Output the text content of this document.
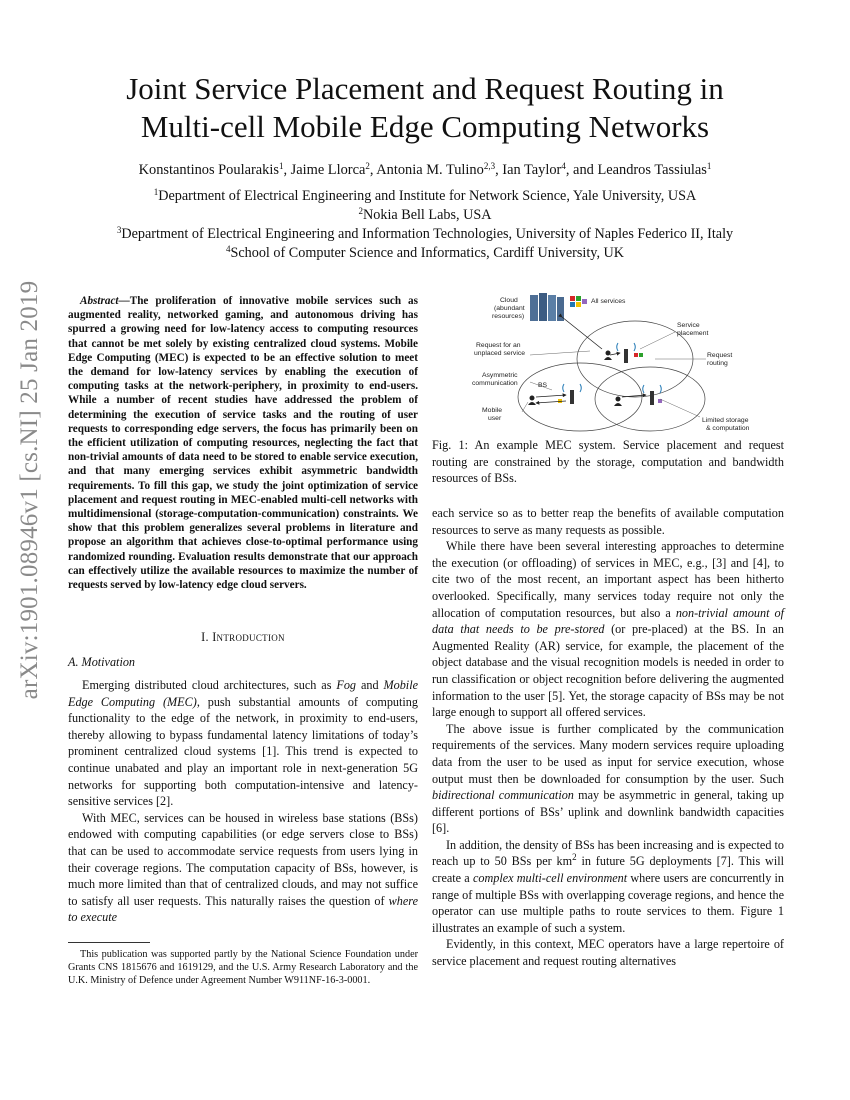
arXiv:1901.08946v1 [cs.NI] 25 Jan 2019
Joint Service Placement and Request Routing in
Multi-cell Mobile Edge Computing Networks
Konstantinos Poularakis$^1$, Jaime Llorca$^2$, Antonia M. Tulino$^{2,3}$, Ian Taylor$^4$, and Leandros Tassiulas$^1$
$^1$Department of Electrical Engineering and Institute for Network Science, Yale University, USA
$^2$Nokia Bell Labs, USA
$^3$Department of Electrical Engineering and Information Technologies, University of Naples Federico II, Italy
$^4$School of Computer Science and Informatics, Cardiff University, UK
Abstract—The proliferation of innovative mobile services such as augmented reality, networked gaming, and autonomous driving has spurred a growing need for low-latency access to computing resources that cannot be met solely by existing centralized cloud systems. Mobile Edge Computing (MEC) is expected to be an effective solution to meet the demand for low-latency services by enabling the execution of computing tasks at the network-periphery, in proximity to end-users. While a number of recent studies have addressed the problem of determining the execution of service tasks and the routing of user requests to corresponding edge servers, the focus has primarily been on the efficient utilization of computing resources, neglecting the fact that non-trivial amounts of data need to be stored to enable service execution, and that many emerging services exhibit asymmetric bandwidth requirements. To fill this gap, we study the joint optimization of service placement and request routing in MEC-enabled multi-cell networks with multidimensional (storage-computation-communication) constraints. We show that this problem generalizes several problems in literature and propose an algorithm that achieves close-to-optimal performance using randomized rounding. Evaluation results demonstrate that our approach can effectively utilize the available resources to maximize the number of requests served by low-latency edge cloud servers.
I. Introduction
A. Motivation

Emerging distributed cloud architectures, such as Fog and Mobile Edge Computing (MEC), push substantial amounts of computing functionality to the edge of the network, in proximity to end-users, thereby allowing to bypass fundamental latency limitations of today’s prominent centralized cloud systems [1]. This trend is expected to continue unabated and play an important role in next-generation 5G networks for supporting both computation-intensive and latency-sensitive services [2].

With MEC, services can be housed in wireless base stations (BSs) endowed with computing capabilities (or edge servers close to BSs) that can be used to accommodate service requests from users lying in their coverage regions. The computation capacity of BSs, however, is much more limited than that of centralized clouds, and may not suffice to satisfy all user requests. This naturally raises the question of where to execute

This publication was supported partly by the National Science Foundation under Grants CNS 1815676 and 1619129, and the U.S. Army Research Laboratory and the U.K. Ministry of Defence under Agreement Number W911NF-16-3-0001.
Cloud
(abundant
resources)
All services
Service
placement
Request for an
unplaced service	Request
routing
Asymmetric
communication	BS
Mobile
user	Limited storage
& computation
Fig. 1: An example MEC system. Service placement and request routing are constrained by the storage, computation and bandwidth resources of BSs.

each service so as to better reap the benefits of available computation resources to serve as many requests as possible.

While there have been several interesting approaches to determine the execution (or offloading) of services in MEC, e.g., [3] and [4], to cite two of the most recent, an important aspect has been hitherto overlooked. Specifically, many services today require not only the allocation of computation resources, but also a non-trivial amount of data that needs to be pre-stored (or pre-placed) at the BS. In an Augmented Reality (AR) service, for example, the placement of the object database and the visual recognition models is needed in order to run classification or object recognition before delivering the augmented information to the user [5]. Yet, the storage capacity of BSs may be not large enough to support all offered services.

The above issue is further complicated by the communication requirements of the services. Many modern services require uploading data from the user to be used as input for service execution, whose output must then be downloaded for consumption by the user. Such bidirectional communication may be asymmetric in general, taking up different portions of BSs’ uplink and downlink bandwidth capacities [6].

In addition, the density of BSs has been increasing and is expected to reach up to 50 BSs per $km^2$ in future 5G deployments [7]. This will create a complex multi-cell environment where users are concurrently in range of multiple BSs with overlapping coverage regions, and hence the operator can use multiple paths to route services to them. Figure 1 illustrates an example of such a system.

Evidently, in this context, MEC operators have a large repertoire of service placement and request routing alternatives
